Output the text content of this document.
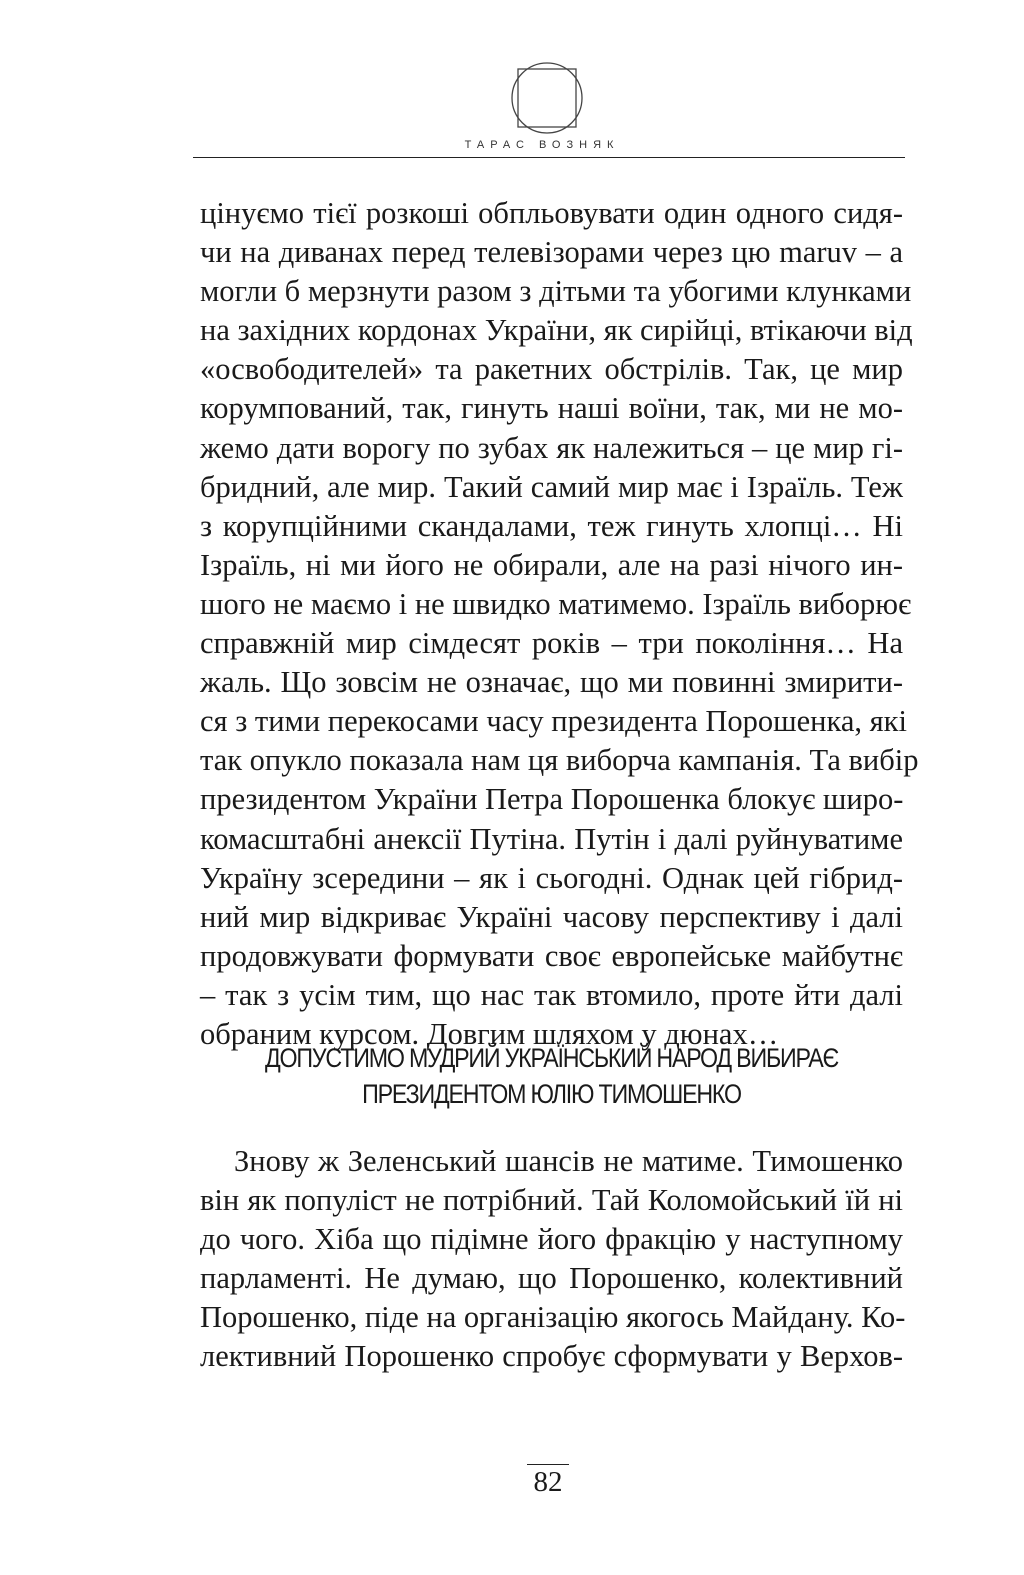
ТАРАС ВОЗНЯК
цінуємо тієї розкоші обпльовувати один одного сидя-
чи на диванах перед телевізорами через цю maruv – а
могли б мерзнути разом з дітьми та убогими клунками
на західних кордонах України, як сирійці, втікаючи від
«освободителей» та ракетних обстрілів. Так, це мир
корумпований, так, гинуть наші воїни, так, ми не мо-
жемо дати ворогу по зубах як належиться – це мир гі-
бридний, але мир. Такий самий мир має і Ізраїль. Теж
з корупційними скандалами, теж гинуть хлопці… Ні
Ізраїль, ні ми його не обирали, але на разі нічого ин-
шого не маємо і не швидко матимемо. Ізраїль виборює
справжній мир сімдесят років – три покоління… На
жаль. Що зовсім не означає, що ми повинні змирити-
ся з тими перекосами часу президента Порошенка, які
так опукло показала нам ця виборча кампанія. Та вибір
президентом України Петра Порошенка блокує широ-
комасштабні анексії Путіна. Путін і далі руйнуватиме
Україну зсередини – як і сьогодні. Однак цей гібрид-
ний мир відкриває Україні часову перспективу і далі
продовжувати формувати своє европейське майбутнє
– так з усім тим, що нас так втомило, проте йти далі
обраним курсом. Довгим шляхом у дюнах…
ДОПУСТИМО МУДРИЙ УКРАЇНСЬКИЙ НАРОД ВИБИРАЄ
ПРЕЗИДЕНТОМ ЮЛІЮ ТИМОШЕНКО
Знову ж Зеленський шансів не матиме. Тимошенко
він як популіст не потрібний. Тай Коломойський їй ні
до чого. Хіба що підімне його фракцію у наступному
парламенті. Не думаю, що Порошенко, колективний
Порошенко, піде на організацію якогось Майдану. Ко-
лективний Порошенко спробує сформувати у Верхов-
82
